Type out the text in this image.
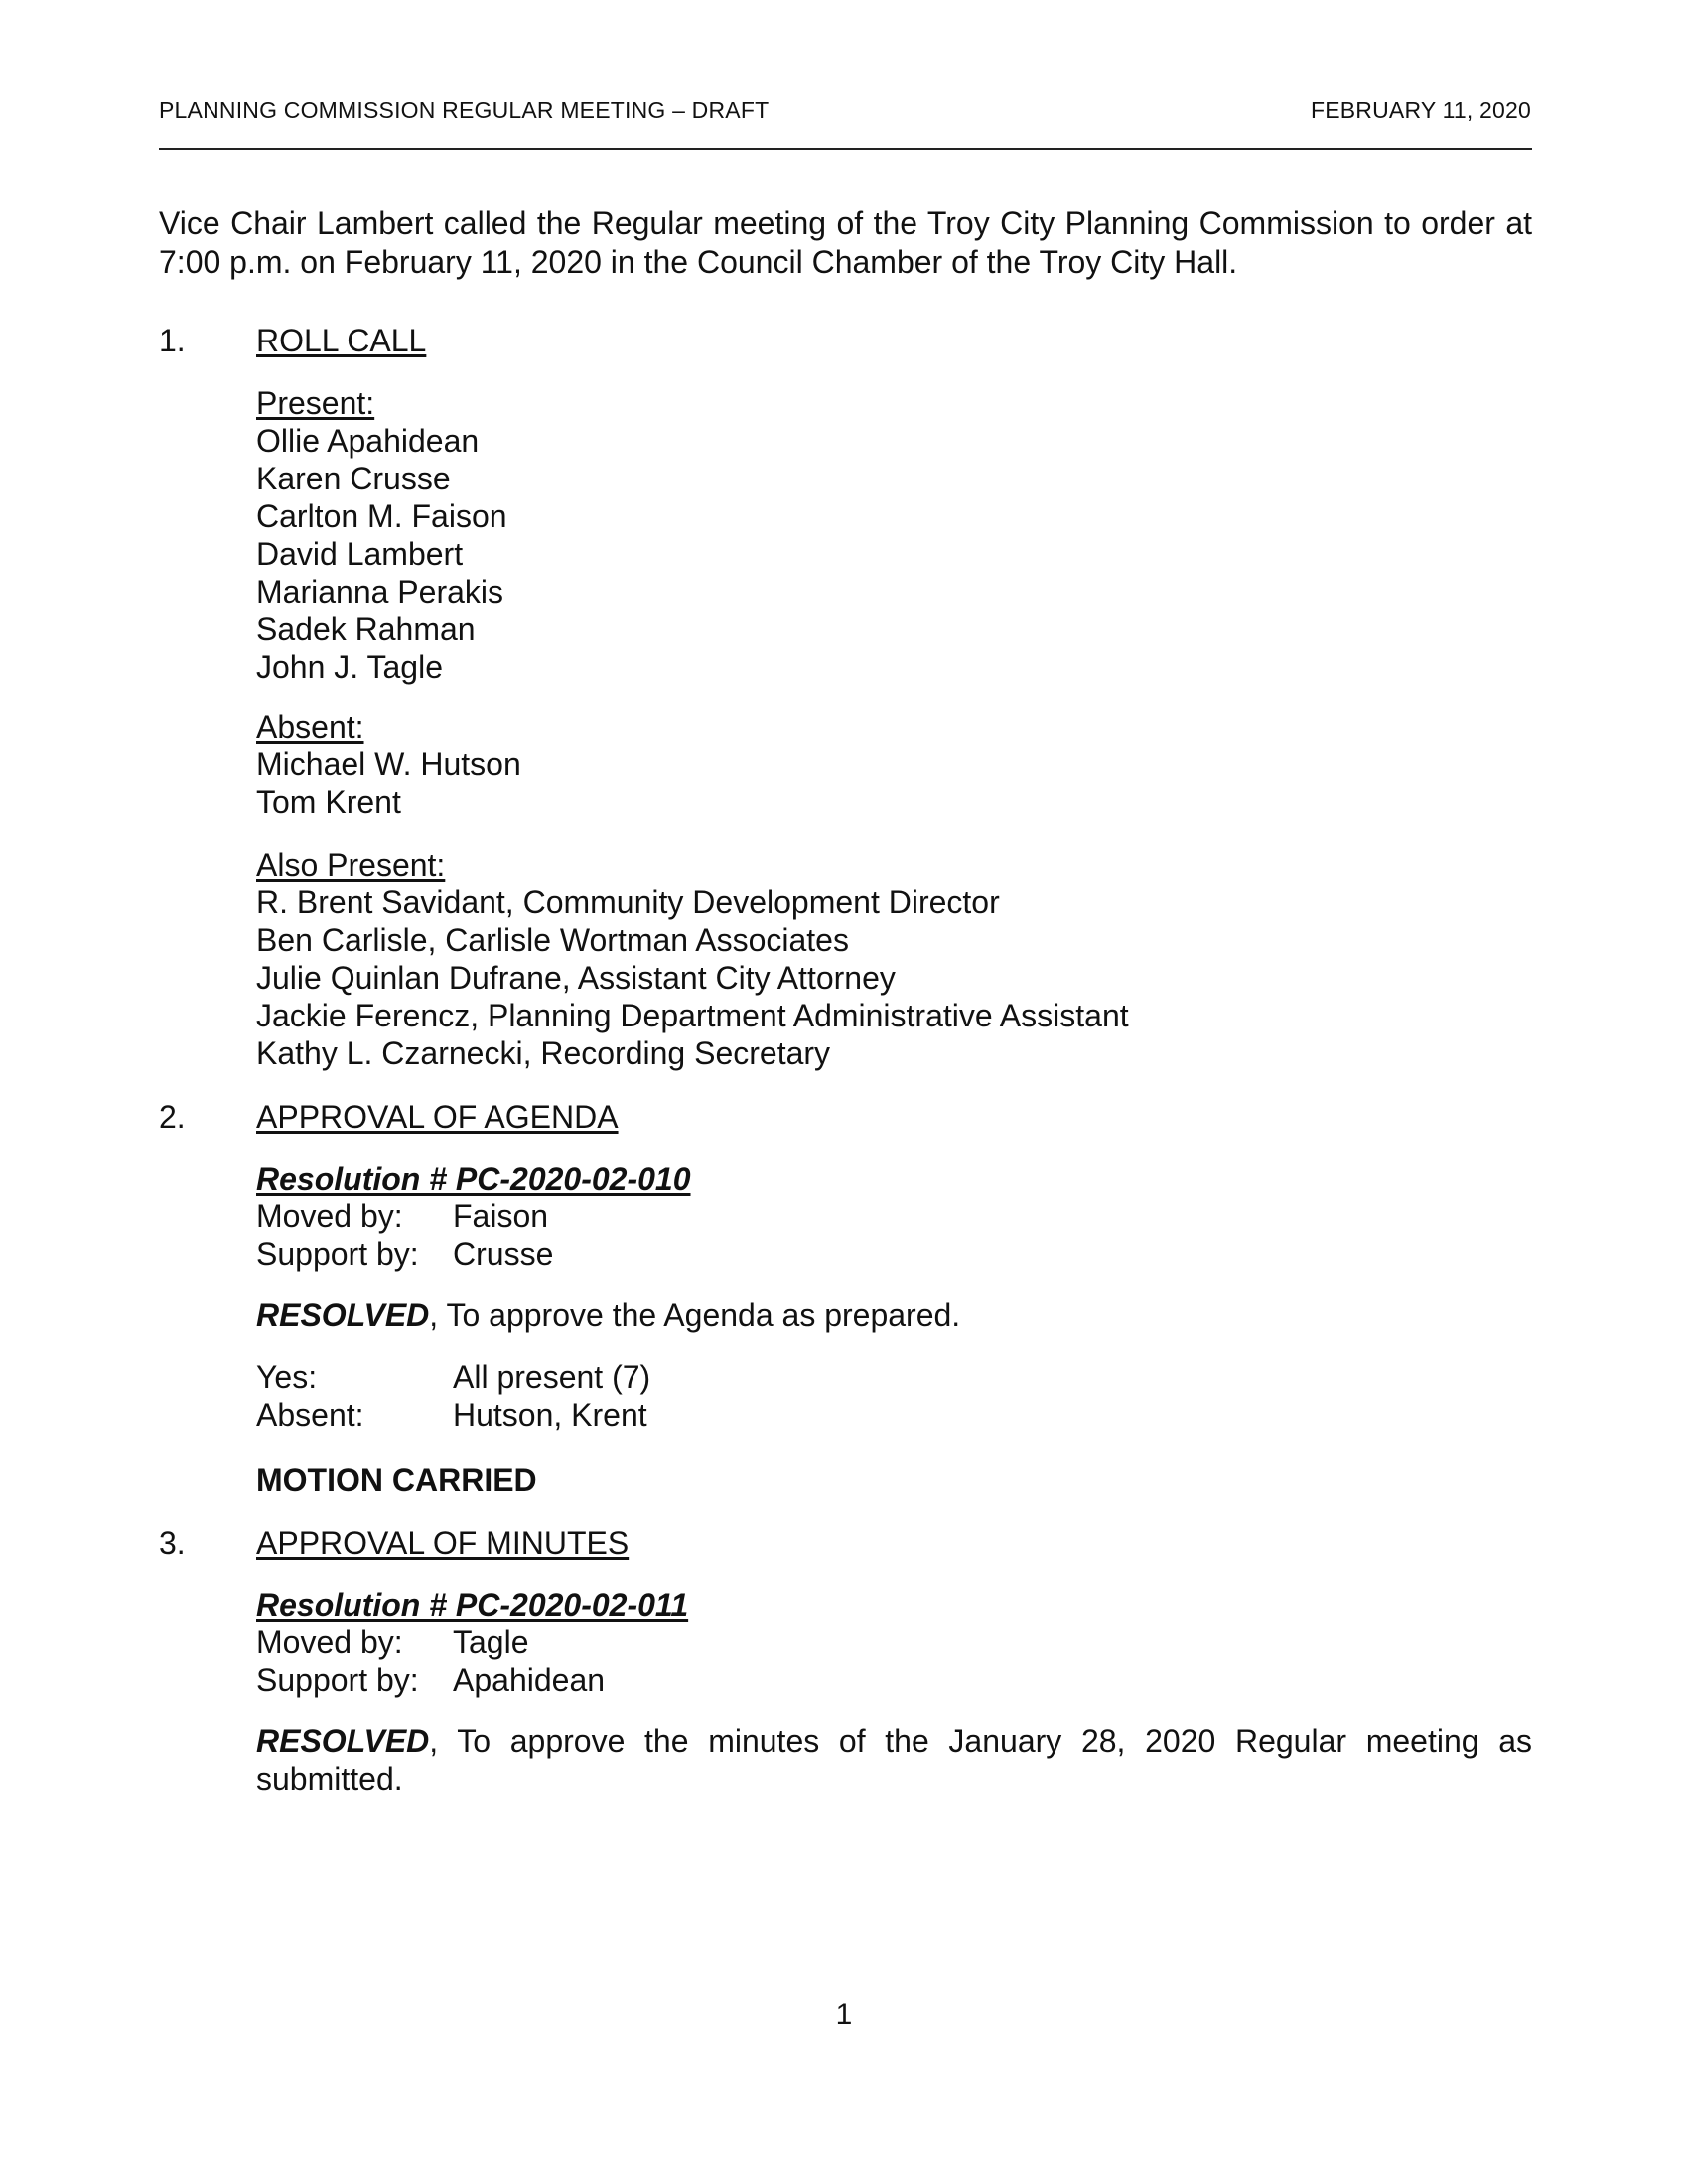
PLANNING COMMISSION REGULAR MEETING – DRAFT	FEBRUARY 11, 2020
Vice Chair Lambert called the Regular meeting of the Troy City Planning Commission to order at 7:00 p.m. on February 11, 2020 in the Council Chamber of the Troy City Hall.
1. ROLL CALL
Present:
Ollie Apahidean
Karen Crusse
Carlton M. Faison
David Lambert
Marianna Perakis
Sadek Rahman
John J. Tagle
Absent:
Michael W. Hutson
Tom Krent
Also Present:
R. Brent Savidant, Community Development Director
Ben Carlisle, Carlisle Wortman Associates
Julie Quinlan Dufrane, Assistant City Attorney
Jackie Ferencz, Planning Department Administrative Assistant
Kathy L. Czarnecki, Recording Secretary
2. APPROVAL OF AGENDA
Resolution # PC-2020-02-010
Moved by: Faison
Support by: Crusse
RESOLVED, To approve the Agenda as prepared.
Yes:	All present (7)
Absent:	Hutson, Krent
MOTION CARRIED
3. APPROVAL OF MINUTES
Resolution # PC-2020-02-011
Moved by: Tagle
Support by: Apahidean
RESOLVED, To approve the minutes of the January 28, 2020 Regular meeting as submitted.
1
